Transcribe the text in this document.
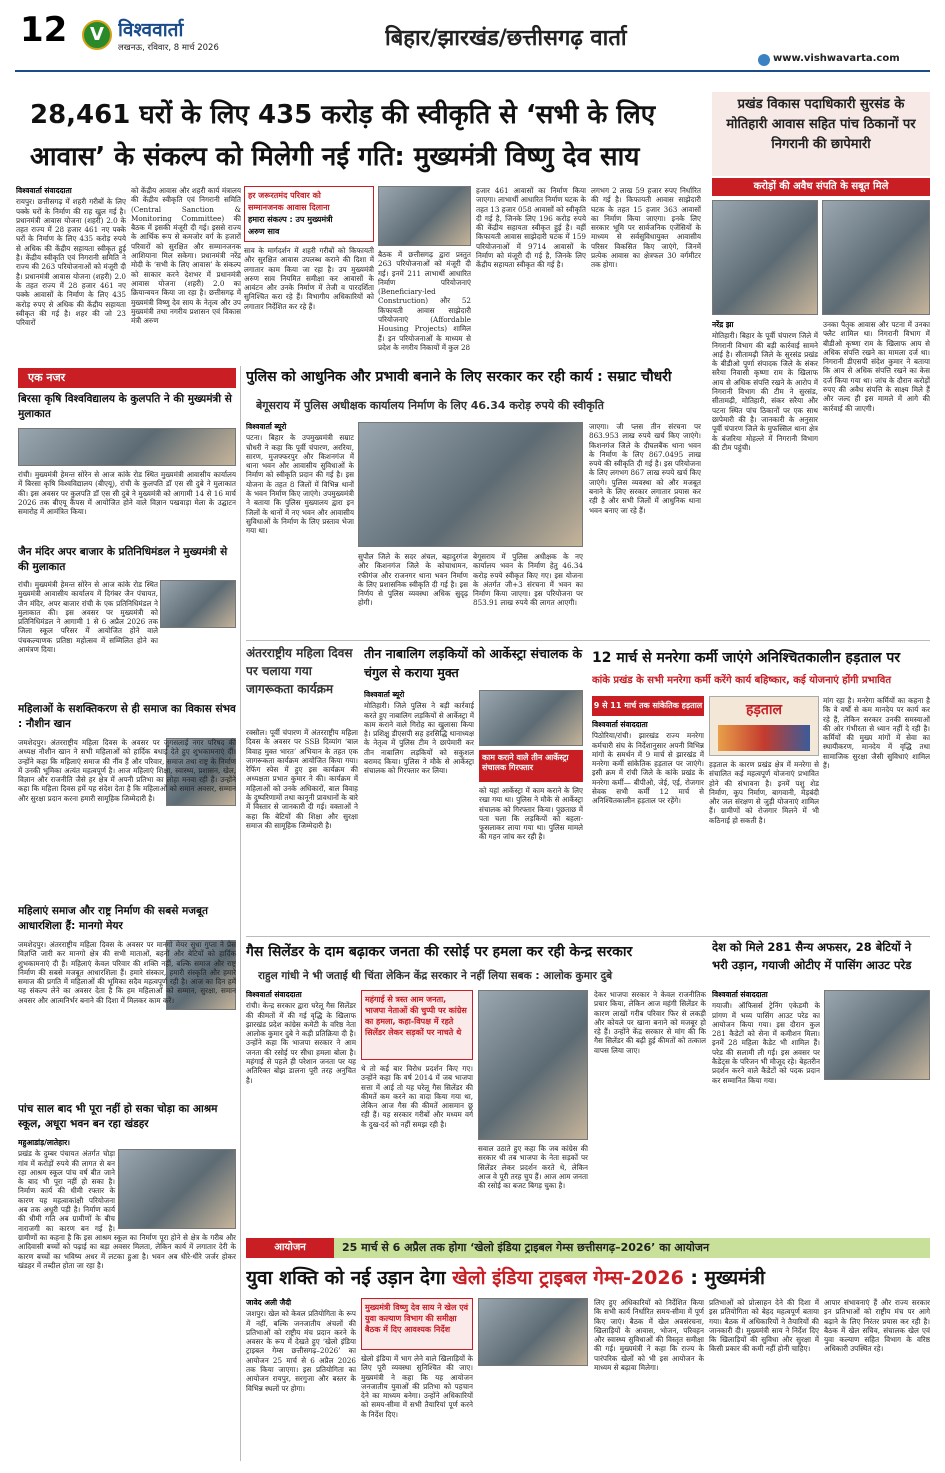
12	V विश्ववार्ता
लखनऊ, रविवार, 8 मार्च 2026	बिहार/झारखंड/छत्तीसगढ़ वार्ता
www.vishwavarta.com
28,461 घरों के लिए 435 करोड़ की स्वीकृति से ‘सभी के लिए
आवास’ के संकल्प को मिलेगी नई गति: मुख्यमंत्री विष्णु देव साय
विश्ववार्ता संवाददाता

रायपुर। छत्तीसगढ़ में शहरी गरीबों के लिए पक्के घरों के निर्माण की राह खुल गई है। प्रधानमंत्री आवास योजना (शहरी) 2.0 के तहत राज्य में 28 हजार 461 नए पक्के घरों के निर्माण के लिए 435 करोड़ रुपये से अधिक की केंद्रीय सहायता स्वीकृत हुई है। केंद्रीय स्वीकृति एवं निगरानी समिति ने राज्य की 263 परियोजनाओं को मंजूरी दी है। प्रधानमंत्री आवास योजना (शहरी) 2.0 के तहत राज्य में 28 हजार 461 नए पक्के आवासों के निर्माण के लिए 435 करोड़ रुपए से अधिक की केंद्रीय सहायता स्वीकृत की गई है। शहर की जो 23 परिवारों

को केंद्रीय आवास और शहरी कार्य मंत्रालय की केंद्रीय स्वीकृति एवं निगरानी समिति (Central Sanction & Monitoring Committee) की बैठक में इसकी मंजूरी दी गई। इससे राज्य के आर्थिक रूप से कमजोर वर्ग के हजारों परिवारों को सुरक्षित और सम्मानजनक आशियाना मिल सकेगा। प्रधानमंत्री नरेंद्र मोदी के ‘सभी के लिए आवास’ के संकल्प को साकार करने देशभर में प्रधानमंत्री आवास योजना (शहरी) 2.0 का क्रियान्वयन किया जा रहा है। छत्तीसगढ़ में मुख्यमंत्री विष्णु देव साय के नेतृत्व और उप मुख्यमंत्री तथा नगरीय प्रशासन एवं विकास मंत्री अरुण

हर जरूरतमंद परिवार को
सम्मानजनक आवास दिलाना
हमारा संकल्प : उप मुख्यमंत्री
अरुण साव

साव के मार्गदर्शन में शहरी गरीबों को किफायती और सुरक्षित आवास उपलब्ध कराने की दिशा में लगातार काम किया जा रहा है। उप मुख्यमंत्री अरुण साव नियमित समीक्षा कर आवासों के आवंटन और उनके निर्माण में तेजी व पारदर्शिता सुनिश्चित करा रहे हैं। विभागीय अधिकारियों को लगातार निर्देशित कर रहे हैं।

बैठक में छत्तीसगढ़ द्वारा प्रस्तुत 263 परियोजनाओं को मंजूरी दी गई। इनमें 211 लाभार्थी आधारित निर्माण परियोजनाएं (Beneficiary-led Construction) और 52 किफायती आवास साझेदारी परियोजनाएं (Affordable Housing Projects) शामिल हैं। इन परियोजनाओं के माध्यम से प्रदेश के नगरीय निकायों में कुल 28

हजार 461 आवासों का निर्माण किया जाएगा। लाभार्थी आधारित निर्माण घटक के तहत 13 हजार 058 आवासों को स्वीकृति दी गई है, जिनके लिए 196 करोड़ रुपये की केंद्रीय सहायता स्वीकृत हुई है। वहीं किफायती आवास साझेदारी घटक में 159 परियोजनाओं में 9714 आवासों के निर्माण को मंजूरी दी गई है, जिनके लिए केंद्रीय सहायता स्वीकृत की गई है।

लगभग 2 लाख 59 हजार रुपए निर्धारित की गई है। किफायती आवास साझेदारी घटक के तहत 15 हजार 363 आवासों का निर्माण किया जाएगा। इनके लिए सरकार भूमि पर सार्वजनिक एजेंसियों के माध्यम से सर्वसुविधायुक्त आवासीय परिसर विकसित किए जाएंगे, जिनमें प्रत्येक आवास का क्षेत्रफल 30 वर्गमीटर तक होगा।

प्रखंड विकास पदाधिकारी सुरसंड के मोतिहारी आवास सहित पांच ठिकानों पर निगरानी की छापेमारी
करोड़ों की अवैध संपति के सबूत मिले
नरेंद्र झा

मोतिहारी। बिहार के पूर्वी चंपारण जिले में निगरानी विभाग की बड़ी कार्रवाई सामने आई है। सीतामढ़ी जिले के सुरसंड प्रखंड के बीडीओ पूर्णा संपादक जिले के संकर सरैया निवासी कृष्णा राम के खिलाफ आय से अधिक संपत्ति रखने के आरोप में निगरानी विभाग की टीम ने सुरसंड, सीतामढ़ी, मोतिहारी, संकर सरैया और पटना स्थित पांच ठिकानों पर एक साथ छापेमारी की है। जानकारी के अनुसार पूर्वी चंपारण जिले के मुफस्सिल थाना क्षेत्र के बंजरिया मोहल्ले में निगरानी विभाग की टीम पहुंची।

उनका पैतृक आवास और पटना में उनका फ्लैट शामिल था। निगरानी विभाग में बीडीओ कृष्णा राम के खिलाफ आय से अधिक संपत्ति रखने का मामला दर्ज था। निगरानी डीएसपी संदेश कुमार ने बताया कि आय से अधिक संपत्ति रखने का केस दर्ज किया गया था। जांच के दौरान करोड़ों रुपए की अवैध संपत्ति के साक्ष्य मिले हैं और जल्द ही इस मामले में आगे की कार्रवाई की जाएगी।

एक नजर
बिरसा कृषि विश्वविद्यालय के कुलपति ने की मुख्यमंत्री से मुलाकात
रांची। मुख्यमंत्री हेमन्त सोरेन से आज कांके रोड स्थित मुख्यमंत्री आवासीय कार्यालय में बिरसा कृषि विश्वविद्यालय (बीएयू), रांची के कुलपति डॉ एस सी दुबे ने मुलाकात की। इस अवसर पर कुलपति डॉ एस सी दुबे ने मुख्यमंत्री को आगामी 14 से 16 मार्च 2026 तक बीएयू कैंपस में आयोजित होने वाले विज्ञान पखवाड़ा मेला के उद्घाटन समारोह में आमंत्रित किया।
जैन मंदिर अपर बाजार के प्रतिनिधिमंडल ने मुख्यमंत्री से की मुलाकात
रांची। मुख्यमंत्री हेमन्त सोरेन से आज कांके रोड स्थित मुख्यमंत्री आवासीय कार्यालय में दिगंबर जैन पंचायत, जैन मंदिर, अपर बाजार रांची के एक प्रतिनिधिमंडल ने मुलाकात की। इस अवसर पर मुख्यमंत्री को प्रतिनिधिमंडल ने आगामी 1 से 6 अप्रैल 2026 तक जिला स्कूल परिसर में आयोजित होने वाले पंचकल्याणक प्रतिष्ठा महोत्सव में सम्मिलित होने का आमंत्रण दिया।
महिलाओं के सशक्तिकरण से ही समाज का विकास संभव : नौशीन खान
जमशेदपुर। अंतरराष्ट्रीय महिला दिवस के अवसर पर जुगसलाई नगर परिषद की अध्यक्ष नौशीन खान ने सभी महिलाओं को हार्दिक बधाई देते हुए शुभकामनाएं दीं। उन्होंने कहा कि महिलाएं समाज की नींव हैं और परिवार, समाज तथा राष्ट्र के निर्माण में उनकी भूमिका अत्यंत महत्वपूर्ण है। आज महिलाएं शिक्षा, स्वास्थ्य, प्रशासन, खेल, विज्ञान और राजनीति जैसे हर क्षेत्र में अपनी प्रतिभा का लोहा मनवा रही हैं। उन्होंने कहा कि महिला दिवस हमें यह संदेश देता है कि महिलाओं को समान अवसर, सम्मान और सुरक्षा प्रदान करना हमारी सामूहिक जिम्मेदारी है।
महिलाएं समाज और राष्ट्र निर्माण की सबसे मजबूत आधारशिला हैं: मानगो मेयर
जमशेदपुर। अंतरराष्ट्रीय महिला दिवस के अवसर पर मानगो मेयर सुधा गुप्ता ने प्रेस विज्ञप्ति जारी कर मानगो क्षेत्र की सभी माताओं, बहनों और बेटियों को हार्दिक शुभकामनाएं दी हैं। महिलाएं केवल परिवार की शक्ति नहीं, बल्कि समाज और राष्ट्र निर्माण की सबसे मजबूत आधारशिला हैं। हमारे संस्कार, हमारी संस्कृति और हमारे समाज की प्रगति में महिलाओं की भूमिका सदैव महत्वपूर्ण रही है। आज का दिन हमें यह संकल्प लेने का अवसर देता है कि हम महिलाओं को सम्मान, सुरक्षा, समान अवसर और आत्मनिर्भर बनाने की दिशा में मिलकर काम करें।
पांच साल बाद भी पूरा नहीं हो सका चोड़ा का आश्रम स्कूल, अधूरा भवन बन रहा खंडहर
महुआडांड़/लातेहार।

प्रखंड के दुम्बर पंचायत अंतर्गत चोड़ा गांव में करोड़ों रुपये की लागत से बन रहा आश्रम स्कूल पांच वर्ष बीत जाने के बाद भी पूरा नहीं हो सका है। निर्माण कार्य की धीमी रफ्तार के कारण यह महत्वाकांक्षी परियोजना अब तक अधूरी पड़ी है। निर्माण कार्य की धीमी गति अब ग्रामीणों के बीच नाराजगी का कारण बन गई है। ग्रामीणों का कहना है कि इस आश्रम स्कूल का निर्माण पूरा होने से क्षेत्र के गरीब और आदिवासी बच्चों को पढ़ाई का बड़ा अवसर मिलता, लेकिन कार्य में लगातार देरी के कारण बच्चों का भविष्य अधर में लटका हुआ है। भवन अब धीरे-धीरे जर्जर होकर खंडहर में तब्दील होता जा रहा है।

पुलिस को आधुनिक और प्रभावी बनाने के लिए सरकार कर रही कार्य : सम्राट चौधरी
बेगूसराय में पुलिस अधीक्षक कार्यालय निर्माण के लिए 46.34 करोड़ रुपये की स्वीकृति
विश्ववार्ता ब्यूरो

पटना। बिहार के उपमुख्यमंत्री सम्राट चौधरी ने कहा कि पूर्वी चंपारण, अररिया, सारण, मुजफ्फरपुर और किशनगंज में थाना भवन और आवासीय सुविधाओं के निर्माण को स्वीकृति प्रदान की गई है। इस योजना के तहत 8 जिलों में विभिन्न थानों के भवन निर्माण किए जाएंगे। उपमुख्यमंत्री ने बताया कि पुलिस मुख्यालय द्वारा इन जिलों के थानों में नए भवन और आवासीय सुविधाओं के निर्माण के लिए प्रस्ताव भेजा गया था।

सुपौल जिले के सदर अंचल, बहादुरगंज और किशनगंज जिले के कोचाधामन, रफीगंज और राजनगर थाना भवन निर्माण के लिए प्रशासनिक स्वीकृति दी गई है। इस निर्णय से पुलिस व्यवस्था अधिक सुदृढ़ होगी।

बेगूसराय में पुलिस अधीक्षक के नए कार्यालय भवन के निर्माण हेतु 46.34 करोड़ रुपये स्वीकृत किए गए। इस योजना के अंतर्गत जी+3 संरचना में भवन का निर्माण किया जाएगा। इस परियोजना पर 853.91 लाख रुपये की लागत आएगी।

जाएगा। जी प्लस तीन संरचना पर 863.953 लाख रुपये खर्च किए जाएंगे। किशनगंज जिले के दीघलबैंक थाना भवन के निर्माण के लिए 867.0495 लाख रुपये की स्वीकृति दी गई है। इस परियोजना के लिए लगभग 867 लाख रुपये खर्च किए जाएंगे। पुलिस व्यवस्था को और मजबूत बनाने के लिए सरकार लगातार प्रयास कर रही है और सभी जिलों में आधुनिक थाना भवन बनाए जा रहे हैं।

अंतरराष्ट्रीय महिला दिवस पर चलाया गया जागरूकता कार्यक्रम
रक्सौल। पूर्वी चंपारण में अंतरराष्ट्रीय महिला दिवस के अवसर पर SSB दिव्यांग ‘बाल विवाह मुक्त भारत’ अभियान के तहत एक जागरूकता कार्यक्रम आयोजित किया गया। रेफिंग स्पेस में हुए इस कार्यक्रम की अध्यक्षता प्रभात कुमार ने की। कार्यक्रम में महिलाओं को उनके अधिकारों, बाल विवाह के दुष्परिणामों तथा कानूनी प्रावधानों के बारे में विस्तार से जानकारी दी गई। वक्ताओं ने कहा कि बेटियों की शिक्षा और सुरक्षा समाज की सामूहिक जिम्मेदारी है।
तीन नाबालिग लड़कियों को आर्केस्ट्रा संचालक के चंगुल से कराया मुक्त
विश्ववार्ता ब्यूरो

मोतिहारी। जिले पुलिस ने बड़ी कार्रवाई करते हुए नाबालिग लड़कियों से आर्केस्ट्रा में काम कराने वाले गिरोह का खुलासा किया है। प्रशिक्षु डीएसपी सह हरसिद्धि थानाध्यक्ष के नेतृत्व में पुलिस टीम ने छापेमारी कर तीन नाबालिग लड़कियों को सकुशल बरामद किया। पुलिस ने मौके से आर्केस्ट्रा संचालक को गिरफ्तार कर लिया।

काम कराने वाले तीन आर्केस्ट्रा संचालक गिरफ्तार
को यहां आर्केस्ट्रा में काम कराने के लिए रखा गया था। पुलिस ने मौके से आर्केस्ट्रा संचालक को गिरफ्तार किया। पूछताछ में पता चला कि लड़कियों को बहला-फुसलाकर लाया गया था। पुलिस मामले की गहन जांच कर रही है।
12 मार्च से मनरेगा कर्मी जाएंगे अनिश्चितकालीन हड़ताल पर
कांके प्रखंड के सभी मनरेगा कर्मी करेंगे कार्य बहिष्कार, कई योजनाएं होंगी प्रभावित
9 से 11 मार्च तक सांकेतिक हड़ताल
विश्ववार्ता संवाददाता

पिठोरिया/रांची। झारखंड राज्य मनरेगा कर्मचारी संघ के निर्देशानुसार अपनी विभिन्न मांगों के समर्थन में 9 मार्च से झारखंड में मनरेगा कर्मी सांकेतिक हड़ताल पर जाएंगे। इसी क्रम में रांची जिले के कांके प्रखंड के मनरेगा कर्मी— बीपीओ, जेई, एई, रोजगार सेवक सभी कर्मी 12 मार्च से अनिश्चितकालीन हड़ताल पर रहेंगे।

हड़ताल

हड़ताल के कारण प्रखंड क्षेत्र में मनरेगा से संचालित कई महत्वपूर्ण योजनाएं प्रभावित होने की संभावना है। इनमें पशु शेड निर्माण, कूप निर्माण, बागवानी, मेड़बंदी और जल संरक्षण से जुड़ी योजनाएं शामिल हैं। ग्रामीणों को रोजगार मिलने में भी कठिनाई हो सकती है।

मांग रहा है। मनरेगा कर्मियों का कहना है कि वे वर्षों से कम मानदेय पर कार्य कर रहे हैं, लेकिन सरकार उनकी समस्याओं की ओर गंभीरता से ध्यान नहीं दे रही है। कर्मियों की मुख्य मांगों में सेवा का स्थायीकरण, मानदेय में वृद्धि तथा सामाजिक सुरक्षा जैसी सुविधाएं शामिल हैं।

गैस सिलेंडर के दाम बढ़ाकर जनता की रसोई पर हमला कर रही केन्द्र सरकार
राहुल गांधी ने भी जताई थी चिंता लेकिन केंद्र सरकार ने नहीं लिया सबक : आलोक कुमार दुबे
विश्ववार्ता संवाददाता

रांची। केन्द्र सरकार द्वारा घरेलू गैस सिलेंडर की कीमतों में की गई वृद्धि के खिलाफ झारखंड प्रदेश कांग्रेस कमेटी के वरिष्ठ नेता आलोक कुमार दुबे ने कड़ी प्रतिक्रिया दी है। उन्होंने कहा कि भाजपा सरकार ने आम जनता की रसोई पर सीधा हमला बोला है। महंगाई से पहले ही परेशान जनता पर यह अतिरिक्त बोझ डालना पूरी तरह अनुचित है।

महंगाई से त्रस्त आम जनता, भाजपा नेताओं की चुप्पी पर कांग्रेस का हमला, कहा-विपक्ष में रहते सिलेंडर लेकर सड़कों पर नाचते थे

थे तो कई बार विरोध प्रदर्शन किए गए। उन्होंने कहा कि वर्ष 2014 में जब भाजपा सत्ता में आई तो यह घरेलू गैस सिलेंडर की कीमतें कम करने का वादा किया गया था, लेकिन आज गैस की कीमतें आसमान छू रही हैं। यह सरकार गरीबों और मध्यम वर्ग के दुख-दर्द को नहीं समझ रही है।

सवाल उठाते हुए कहा कि जब कांग्रेस की सरकार थी तब भाजपा के नेता सड़कों पर सिलेंडर लेकर प्रदर्शन करते थे, लेकिन आज वे पूरी तरह चुप हैं। आज आम जनता की रसोई का बजट बिगड़ चुका है।

देकर भाजपा सरकार ने केवल राजनीतिक प्रचार किया, लेकिन आज महंगी सिलेंडर के कारण लाखों गरीब परिवार फिर से लकड़ी और कोयले पर खाना बनाने को मजबूर हो रहे हैं। उन्होंने केंद्र सरकार से मांग की कि गैस सिलेंडर की बढ़ी हुई कीमतों को तत्काल वापस लिया जाए।

देश को मिले 281 सैन्य अफसर, 28 बेटियों ने भरी उड़ान, गयाजी ओटीए में पासिंग आउट परेड
विश्ववार्ता संवाददाता

गयाजी। ऑफिसर्स ट्रेनिंग एकेडमी के प्रांगण में भव्य पासिंग आउट परेड का आयोजन किया गया। इस दौरान कुल 281 कैडेटों को सेना में कमीशन मिला। इनमें 28 महिला कैडेट भी शामिल हैं। परेड की सलामी ली गई। इस अवसर पर कैडेट्स के परिजन भी मौजूद रहे। बेहतरीन प्रदर्शन करने वाले कैडेटों को पदक प्रदान कर सम्मानित किया गया।

आयोजन	25 मार्च से 6 अप्रैल तक होगा ‘खेलो इंडिया ट्राइबल गेम्स छत्तीसगढ़–2026’ का आयोजन
युवा शक्ति को नई उड़ान देगा खेलो इंडिया ट्राइबल गेम्स-2026 : मुख्यमंत्री
जावेद अली जैदी

जशपुर। खेल को केवल प्रतियोगिता के रूप में नहीं, बल्कि जनजातीय अंचलों की प्रतिभाओं को राष्ट्रीय मंच प्रदान करने के अवसर के रूप में देखते हुए ‘खेलो इंडिया ट्राइबल गेम्स छत्तीसगढ़–2026’ का आयोजन 25 मार्च से 6 अप्रैल 2026 तक किया जाएगा। इस प्रतियोगिता का आयोजन रायपुर, सरगुजा और बस्तर के विभिन्न स्थलों पर होगा।

मुख्यमंत्री विष्णु देव साय ने खेल एवं युवा कल्याण विभाग की समीक्षा बैठक में दिए आवश्यक निर्देश

खेलो इंडिया में भाग लेने वाले खिलाड़ियों के लिए पूरी व्यवस्था सुनिश्चित की जाए। मुख्यमंत्री ने कहा कि यह आयोजन जनजातीय युवाओं की प्रतिभा को पहचान देने का माध्यम बनेगा। उन्होंने अधिकारियों को समय-सीमा में सभी तैयारियां पूर्ण करने के निर्देश दिए।

लिए हुए अधिकारियों को निर्देशित किया कि सभी कार्य निर्धारित समय-सीमा में पूर्ण किए जाएं। बैठक में खेल अवसंरचना, खिलाड़ियों के आवास, भोजन, परिवहन और स्वास्थ्य सुविधाओं की विस्तृत समीक्षा की गई। मुख्यमंत्री ने कहा कि राज्य के पारंपरिक खेलों को भी इस आयोजन के माध्यम से बढ़ावा मिलेगा।

प्रतिभाओं को प्रोत्साहन देने की दिशा में इस प्रतियोगिता को बेहद महत्वपूर्ण बताया गया। बैठक में अधिकारियों ने तैयारियों की जानकारी दी। मुख्यमंत्री साय ने निर्देश दिए कि खिलाड़ियों की सुविधा और सुरक्षा में किसी प्रकार की कमी नहीं होनी चाहिए।

आपार संभावनाएं हैं और राज्य सरकार इन प्रतिभाओं को राष्ट्रीय मंच पर आगे बढ़ाने के लिए निरंतर प्रयास कर रही है। बैठक में खेल सचिव, संचालक खेल एवं युवा कल्याण सहित विभाग के वरिष्ठ अधिकारी उपस्थित रहे।
